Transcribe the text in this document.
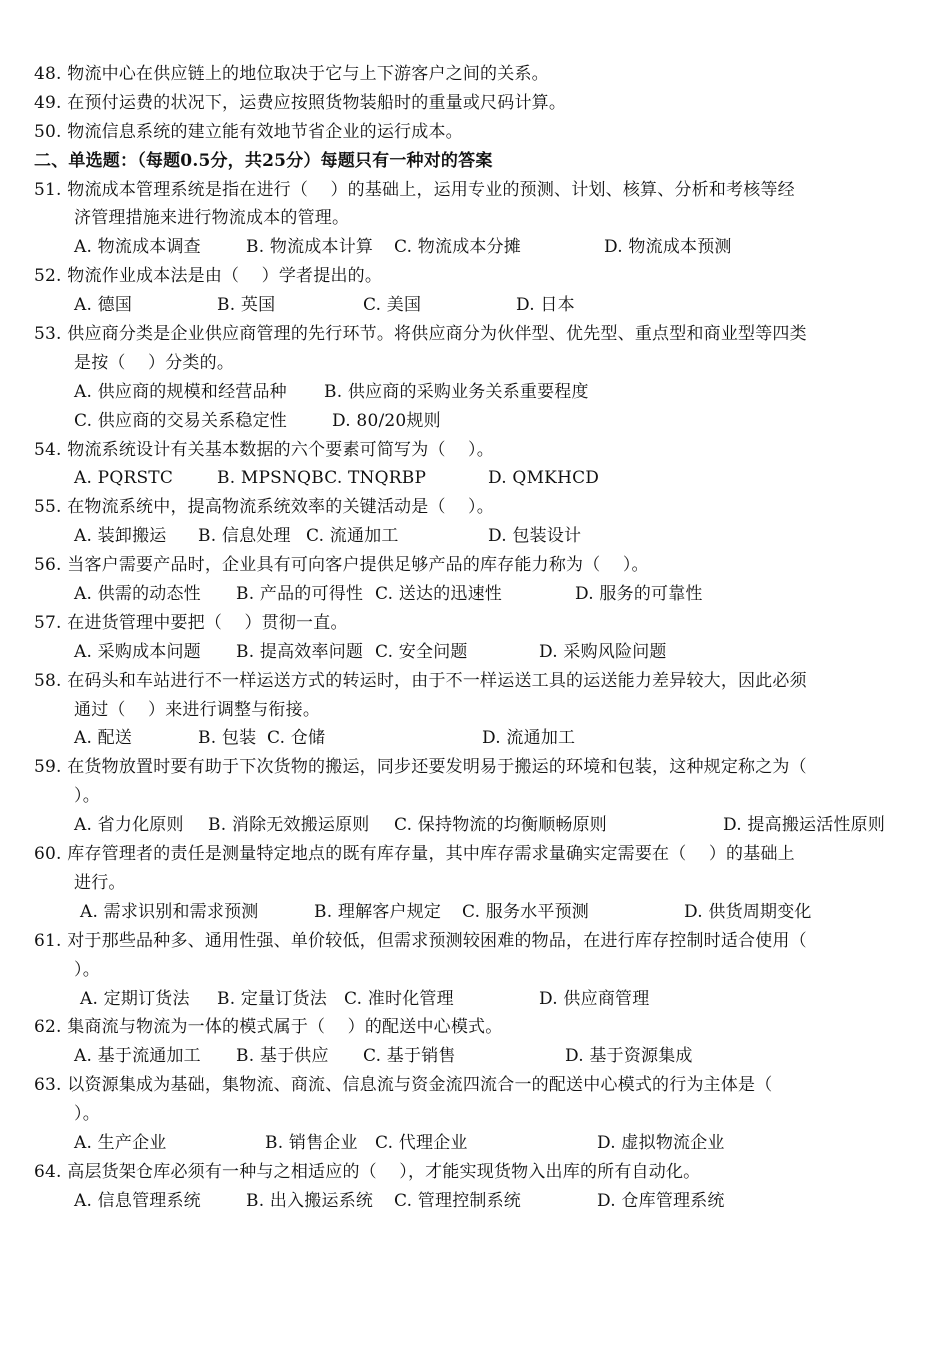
48. 物流中心在供应链上的地位取决于它与上下游客户之间的关系。
49. 在预付运费的状况下，运费应按照货物装船时的重量或尺码计算。
50. 物流信息系统的建立能有效地节省企业的运行成本。
二、单选题：（每题0.5分，共25分）每题只有一种对的答案
51. 物流成本管理系统是指在进行（    ）的基础上，运用专业的预测、计划、核算、分析和考核等经
济管理措施来进行物流成本的管理。

A. 物流成本调查

	B. 物流成本计算

C. 物流成本分摊

	D. 物流成本预测

52. 物流作业成本法是由（    ）学者提出的。

A. 德国

	B. 英国

	C. 美国

	D. 日本

53. 供应商分类是企业供应商管理的先行环节。将供应商分为伙伴型、优先型、重点型和商业型等四类
是按（    ）分类的。

A. 供应商的规模和经营品种

B. 供应商的采购业务关系重要程度

C. 供应商的交易关系稳定性

	D. 80/20规则

54. 物流系统设计有关基本数据的六个要素可简写为（    ）。

A. PQRSTC

	B. MPSNQBC. TNQRBP

	D. QMKHCD

55. 在物流系统中，提高物流系统效率的关键活动是（    ）。

A. 装卸搬运

B. 信息处理

C. 流通加工

	D. 包装设计

56. 当客户需要产品时，企业具有可向客户提供足够产品的库存能力称为（    ）。

A. 供需的动态性

B. 产品的可得性

C. 送达的迅速性

	D. 服务的可靠性

57. 在进货管理中要把（    ）贯彻一直。

A. 采购成本问题

B. 提高效率问题

C. 安全问题

	D. 采购风险问题

58. 在码头和车站进行不一样运送方式的转运时，由于不一样运送工具的运送能力差异较大，因此必须
通过（    ）来进行调整与衔接。

A. 配送

	B. 包装

C. 仓储

	D. 流通加工

59. 在货物放置时要有助于下次货物的搬运，同步还要发明易于搬运的环境和包装，这种规定称之为（
）。

A. 省力化原则

B. 消除无效搬运原则

C. 保持物流的均衡顺畅原则

	D. 提高搬运活性原则

60. 库存管理者的责任是测量特定地点的既有库存量，其中库存需求量确实定需要在（    ）的基础上
进行。

A. 需求识别和需求预测

	B. 理解客户规定

C. 服务水平预测

	D. 供货周期变化

61. 对于那些品种多、通用性强、单价较低，但需求预测较困难的物品，在进行库存控制时适合使用（
）。

A. 定期订货法

B. 定量订货法

C. 准时化管理

	D. 供应商管理

62. 集商流与物流为一体的模式属于（    ）的配送中心模式。

A. 基于流通加工

B. 基于供应

C. 基于销售

	D. 基于资源集成

63. 以资源集成为基础，集物流、商流、信息流与资金流四流合一的配送中心模式的行为主体是（
）。

A. 生产企业

	B. 销售企业

C. 代理企业

	D. 虚拟物流企业

64. 高层货架仓库必须有一种与之相适应的（    ），才能实现货物入出库的所有自动化。

A. 信息管理系统

	B. 出入搬运系统

C. 管理控制系统

	D. 仓库管理系统
